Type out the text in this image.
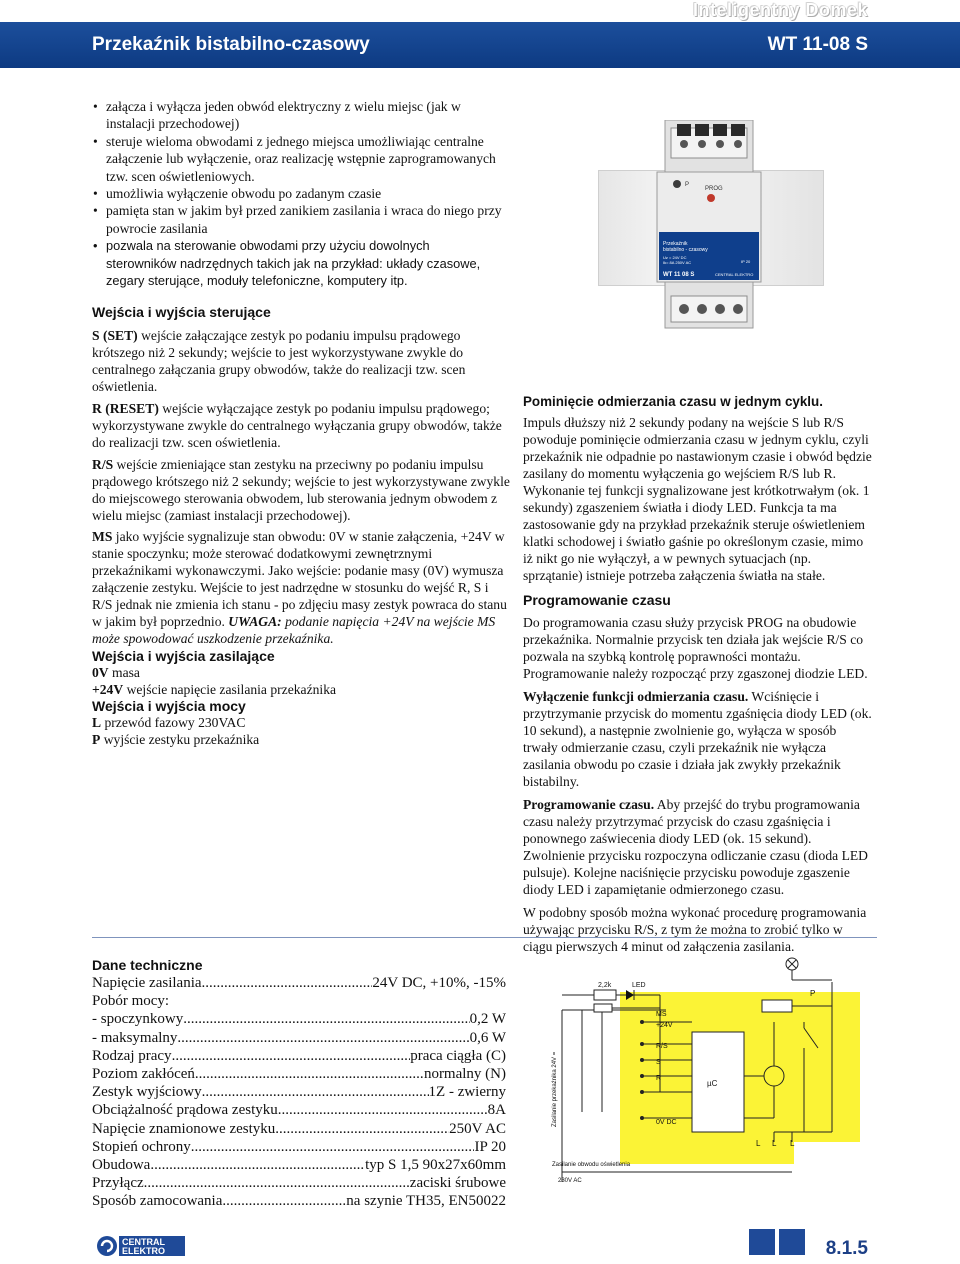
Inteligentny Domek
Przekaźnik bistabilno-czasowy	WT 11-08 S
• załącza i wyłącza jeden obwód elektryczny z wielu miejsc (jak w instalacji przechodowej)
• steruje wieloma obwodami z jednego miejsca umożliwiając centralne załączenie lub wyłączenie, oraz realizację wstępnie zaprogramowanych tzw. scen oświetleniowych.
• umożliwia wyłączenie obwodu po zadanym czasie
• pamięta stan w jakim był przed zanikiem zasilania i wraca do niego przy powrocie zasilania
• pozwala na sterowanie obwodami przy użyciu dowolnych sterowników nadrzędnych takich jak na przykład: układy czasowe, zegary sterujące, moduły telefoniczne, komputery itp.
P
PROG
Przekaźnik
bistabilno - czasowy
Uz = 24V DC
Ik= 8A 250V AC	IP 20
WT 11 08 S	CENTRAL ELEKTRO
Wejścia i wyjścia sterujące

S (SET) wejście załączające zestyk po podaniu impulsu prądowego krótszego niż 2 sekundy; wejście to jest wykorzystywane zwykle do centralnego załączania grupy obwodów, także do realizacji tzw. scen oświetlenia.

R (RESET) wejście wyłączające zestyk po podaniu impulsu prądowego; wykorzystywane zwykle do centralnego wyłączania grupy obwodów, także do realizacji tzw. scen oświetlenia.

R/S wejście zmieniające stan zestyku na przeciwny po podaniu impulsu prądowego krótszego niż 2 sekundy; wejście to jest wykorzystywane zwykle do miejscowego sterowania obwodem, lub sterowania jednym obwodem z wielu miejsc (zamiast instalacji przechodowej).

MS jako wyjście sygnalizuje stan obwodu: 0V w stanie załączenia, +24V w stanie spoczynku; może sterować dodatkowymi zewnętrznymi przekaźnikami wykonawczymi. Jako wejście: podanie masy (0V) wymusza załączenie zestyku. Wejście to jest nadrzędne w stosunku do wejść R, S i R/S jednak nie zmienia ich stanu - po zdjęciu masy zestyk powraca do stanu w jakim był poprzednio. UWAGA: podanie napięcia +24V na wejście MS może spowodować uszkodzenie przekaźnika.

Wejścia i wyjścia zasilające

0V masa

+24V wejście napięcie zasilania przekaźnika

Wejścia i wyjścia mocy

L przewód fazowy 230VAC

P wyjście zestyku przekaźnika

Pominięcie odmierzania czasu w jednym cyklu.

Impuls dłuższy niż 2 sekundy podany na wejście S lub R/S powoduje pominięcie odmierzania czasu w jednym cyklu, czyli przekaźnik nie odpadnie po nastawionym czasie i obwód będzie zasilany do momentu wyłączenia go wejściem R/S lub R. Wykonanie tej funkcji sygnalizowane jest krótkotrwałym (ok. 1 sekundy) zgaszeniem światła i diody LED. Funkcja ta ma zastosowanie gdy na przykład przekaźnik steruje oświetleniem klatki schodowej i światło gaśnie po określonym czasie, mimo iż nikt go nie wyłączył, a w pewnych sytuacjach (np. sprzątanie) istnieje potrzeba załączenia światła na stałe.

Programowanie czasu

Do programowania czasu służy przycisk PROG na obudowie przekaźnika. Normalnie przycisk ten działa jak wejście R/S co pozwala na szybką kontrolę poprawności montażu. Programowanie należy rozpocząć przy zgaszonej diodzie LED.

Wyłączenie funkcji odmierzania czasu. Wciśnięcie i przytrzymanie przycisk do momentu zgaśnięcia diody LED (ok. 10 sekund), a następnie zwolnienie go, wyłącza w sposób trwały odmierzanie czasu, czyli przekaźnik nie wyłącza zasilania obwodu po czasie i działa jak zwykły przekaźnik bistabilny.

Programowanie czasu. Aby przejść do trybu programowania czasu należy przytrzymać przycisk do czasu zgaśnięcia i ponownego zaświecenia diody LED (ok. 15 sekund). Zwolnienie przycisku rozpoczyna odliczanie czasu (dioda LED pulsuje). Kolejne naciśnięcie przycisku powoduje zgaszenie diody LED i zapamiętanie odmierzonego czasu.

W podobny sposób można wykonać procedurę programowania używając przycisku R/S, z tym że można to zrobić tylko w ciągu pierwszych 4 minut od załączenia zasilania.

Dane techniczne
Napięcie zasilania .....	24V DC, +10%, -15%
Pobór mocy:
- spoczynkowy .....	0,2 W
- maksymalny .....	0,6 W
Rodzaj pracy .....	praca ciągła (C)
Poziom zakłóceń .....	normalny (N)
Zestyk wyjściowy .....	1Z - zwierny
Obciążalność prądowa zestyku .....	8A
Napięcie znamionowe zestyku .....	250V AC
Stopień ochrony .....	IP 20
Obudowa .....	typ S 1,5 90x27x60mm
Przyłącz .....	zaciski śrubowe
Sposób zamocowania .....	na szynie TH35, EN50022
2,2k	LED
MS
+24V
R/S
S
R
µC
0V DC
P
L L L
Zasilanie przekaźnika 24V =
Zasilanie obwodu oświetlenia
230V AC
CENTRAL
ELEKTRO	8.1.5
